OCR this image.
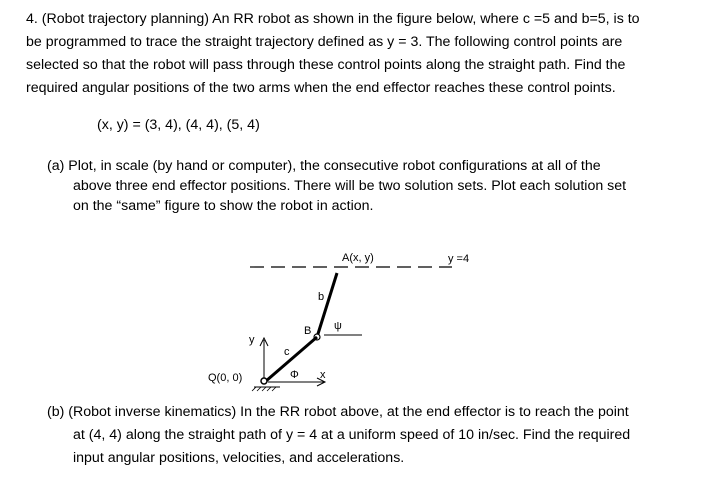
4. (Robot trajectory planning) An RR robot as shown in the figure below, where c =5 and b=5, is to
be programmed to trace the straight trajectory defined as y = 3. The following control points are
selected so that the robot will pass through these control points along the straight path. Find the
required angular positions of the two arms when the end effector reaches these control points.
(x, y) = (3, 4), (4, 4), (5, 4)
(a) Plot, in scale (by hand or computer), the consecutive robot configurations at all of the
above three end effector positions. There will be two solution sets. Plot each solution set
on the “same” figure to show the robot in action.
A(x, y)	y =4
b
B ψ
c
y
x
Q(0, 0)	Φ
(b) (Robot inverse kinematics) In the RR robot above, at the end effector is to reach the point
at (4, 4) along the straight path of y = 4 at a uniform speed of 10 in/sec. Find the required
input angular positions, velocities, and accelerations.
